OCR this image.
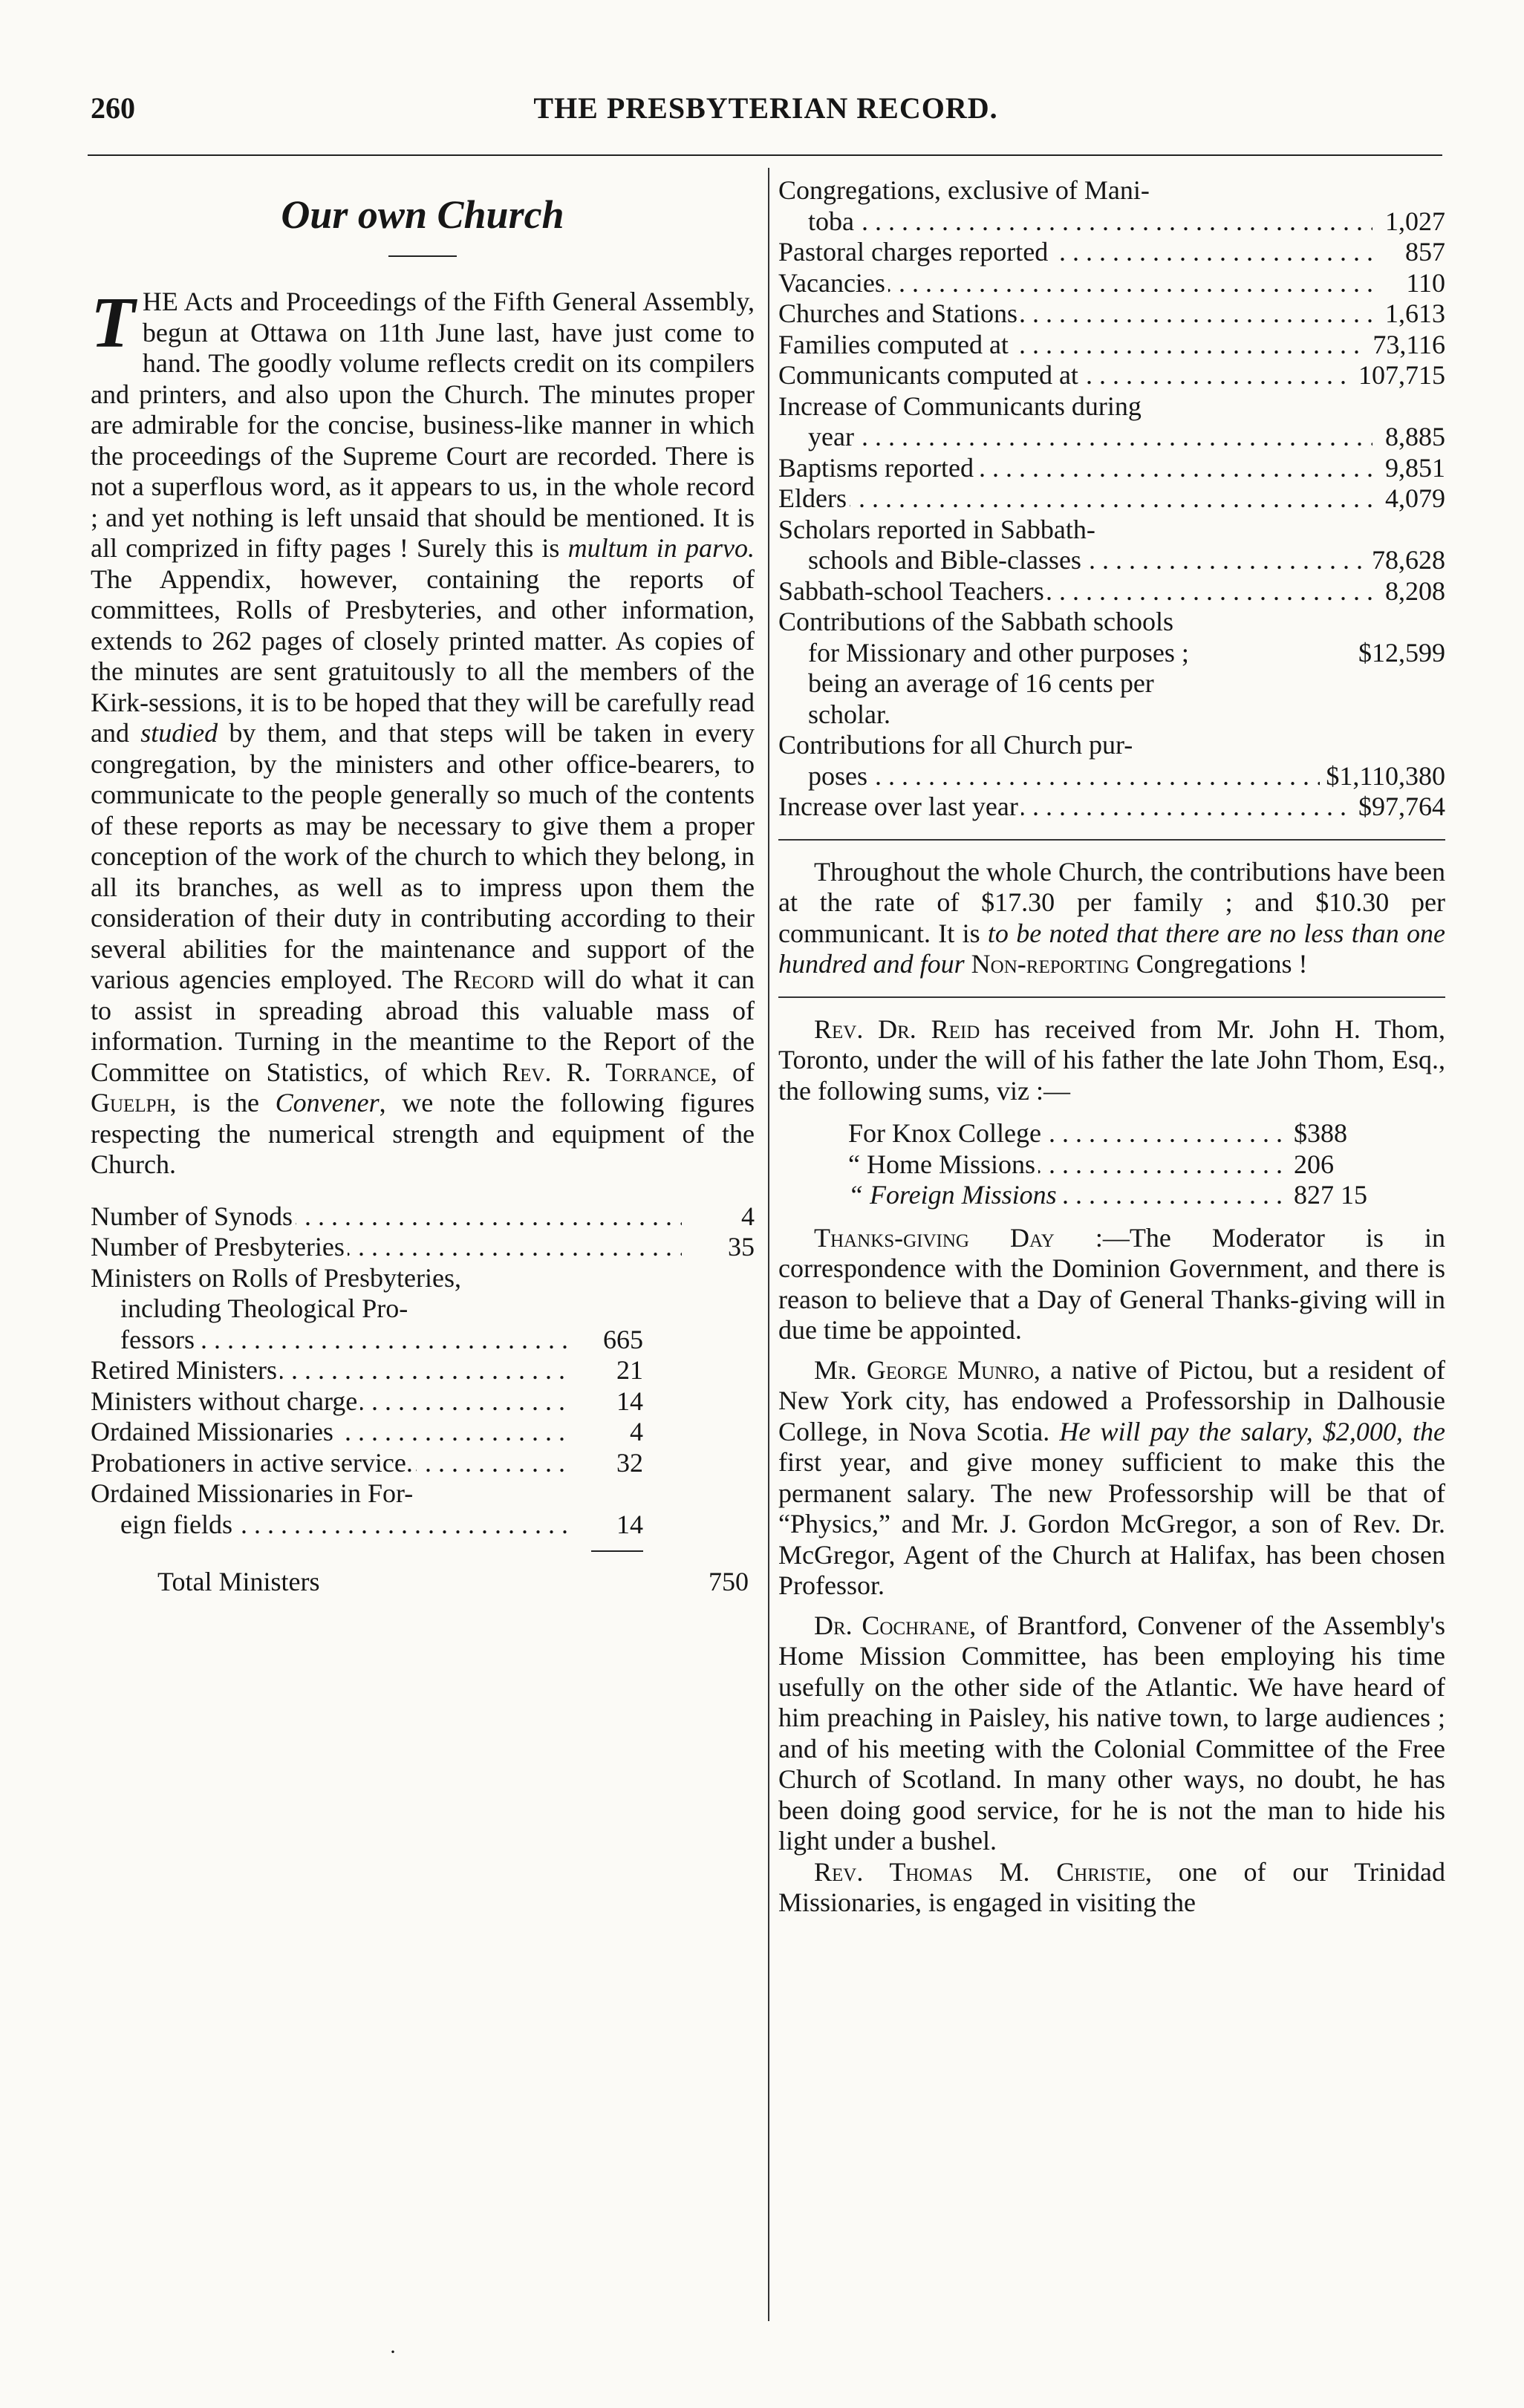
260	THE PRESBYTERIAN RECORD.
Our own Church

THE Acts and Proceedings of the Fifth General Assembly, begun at Ottawa on 11th June last, have just come to hand. The goodly volume reflects credit on its compilers and printers, and also upon the Church. The minutes proper are admirable for the concise, business-like manner in which the proceedings of the Supreme Court are recorded. There is not a superflous word, as it appears to us, in the whole record ; and yet nothing is left unsaid that should be mentioned. It is all comprized in fifty pages ! Surely this is multum in parvo. The Appendix, however, containing the reports of committees, Rolls of Presbyteries, and other information, extends to 262 pages of closely printed matter. As copies of the minutes are sent gratuitously to all the members of the Kirk-sessions, it is to be hoped that they will be carefully read and studied by them, and that steps will be taken in every congregation, by the ministers and other office-bearers, to communicate to the people generally so much of the contents of these reports as may be necessary to give them a proper conception of the work of the church to which they belong, in all its branches, as well as to impress upon them the consideration of their duty in contributing according to their several abilities for the maintenance and support of the various agencies employed. The Record will do what it can to assist in spreading abroad this valuable mass of information. Turning in the meantime to the Report of the Committee on Statistics, of which Rev. R. Torrance, of Guelph, is the Convener, we note the following figures respecting the numerical strength and equipment of the Church.

Number of Synods . . .	4
Number of Presbyteries . . .	35
Ministers on Rolls of Presbyteries,
including Theological Pro-
fessors . . .	665
Retired Ministers . . .	21
Ministers without charge . . .	14
Ordained Missionaries . . .	4
Probationers in active service. . . .	32
Ordained Missionaries in For-
eign fields . . .	14
Total Ministers	750
Congregations, exclusive of Mani-
toba . . .	1,027
Pastoral charges reported . . .	857
Vacancies . . .	110
Churches and Stations . . .	1,613
Families computed at . . .	73,116
Communicants computed at . . .	107,715
Increase of Communicants during
year . . .	8,885
Baptisms reported . . .	9,851
Elders . . .	4,079
Scholars reported in Sabbath-
schools and Bible-classes . . .	78,628
Sabbath-school Teachers . . .	8,208
Contributions of the Sabbath schools
for Missionary and other purposes ;	$12,599
being an average of 16 cents per
scholar.
Contributions for all Church pur-
poses . . .	$1,110,380
Increase over last year . . .	$97,764

Throughout the whole Church, the contributions have been at the rate of $17.30 per family ; and $10.30 per communicant. It is to be noted that there are no less than one hundred and four Non-reporting Congregations !

Rev. Dr. Reid has received from Mr. John H. Thom, Toronto, under the will of his father the late John Thom, Esq., the following sums, viz :—

For Knox College . . .	$388
“ Home Missions . . .	206
“ Foreign Missions . . .	827 15

Thanks-giving Day :—The Moderator is in correspondence with the Dominion Government, and there is reason to believe that a Day of General Thanks-giving will in due time be appointed.

Mr. George Munro, a native of Pictou, but a resident of New York city, has endowed a Professorship in Dalhousie College, in Nova Scotia. He will pay the salary, $2,000, the first year, and give money sufficient to make this the permanent salary. The new Professorship will be that of “Physics,” and Mr. J. Gordon McGregor, a son of Rev. Dr. McGregor, Agent of the Church at Halifax, has been chosen Professor.

Dr. Cochrane, of Brantford, Convener of the Assembly's Home Mission Committee, has been employing his time usefully on the other side of the Atlantic. We have heard of him preaching in Paisley, his native town, to large audiences ; and of his meeting with the Colonial Committee of the Free Church of Scotland. In many other ways, no doubt, he has been doing good service, for he is not the man to hide his light under a bushel.

Rev. Thomas M. Christie, one of our Trinidad Missionaries, is engaged in visiting the

·
